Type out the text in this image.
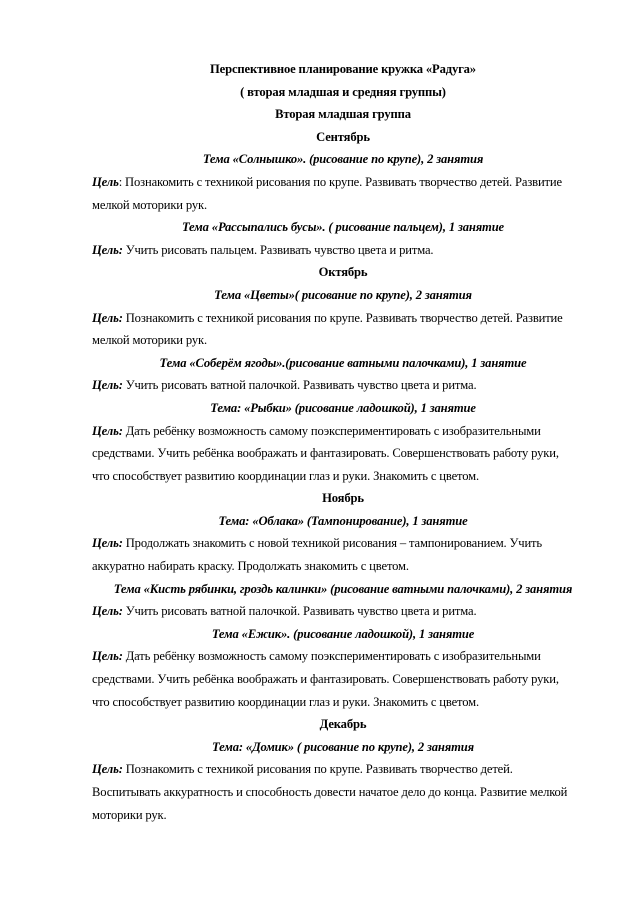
Перспективное планирование кружка «Радуга»
( вторая младшая и средняя группы)
Вторая младшая группа
Сентябрь
Тема «Солнышко». (рисование по крупе), 2 занятия
Цель: Познакомить с техникой рисования по крупе. Развивать творчество детей. Развитие
мелкой моторики рук.
Тема «Рассыпались бусы». ( рисование пальцем), 1 занятие
Цель: Учить рисовать пальцем. Развивать чувство цвета и ритма.
Октябрь
Тема «Цветы»( рисование по крупе), 2 занятия
Цель: Познакомить с техникой рисования по крупе. Развивать творчество детей. Развитие
мелкой моторики рук.
Тема «Соберём ягоды».(рисование ватными палочками), 1 занятие
Цель: Учить рисовать ватной палочкой. Развивать чувство цвета и ритма.
Тема: «Рыбки» (рисование ладошкой), 1 занятие
Цель: Дать ребёнку возможность самому поэкспериментировать с изобразительными
средствами. Учить ребёнка воображать и фантазировать. Совершенствовать работу руки,
что способствует развитию координации глаз и руки. Знакомить с цветом.
Ноябрь
Тема: «Облака» (Тампонирование), 1 занятие
Цель: Продолжать знакомить с новой техникой рисования – тампонированием. Учить
аккуратно набирать краску. Продолжать знакомить с цветом.
Тема «Кисть рябинки, гроздь калинки» (рисование ватными палочками), 2 занятия
Цель: Учить рисовать ватной палочкой. Развивать чувство цвета и ритма.
Тема «Ежик». (рисование ладошкой), 1 занятие
Цель: Дать ребёнку возможность самому поэкспериментировать с изобразительными
средствами. Учить ребёнка воображать и фантазировать. Совершенствовать работу руки,
что способствует развитию координации глаз и руки. Знакомить с цветом.
Декабрь
Тема: «Домик» ( рисование по крупе), 2 занятия
Цель: Познакомить с техникой рисования по крупе. Развивать творчество детей.
Воспитывать аккуратность и способность довести начатое дело до конца. Развитие мелкой
моторики рук.
